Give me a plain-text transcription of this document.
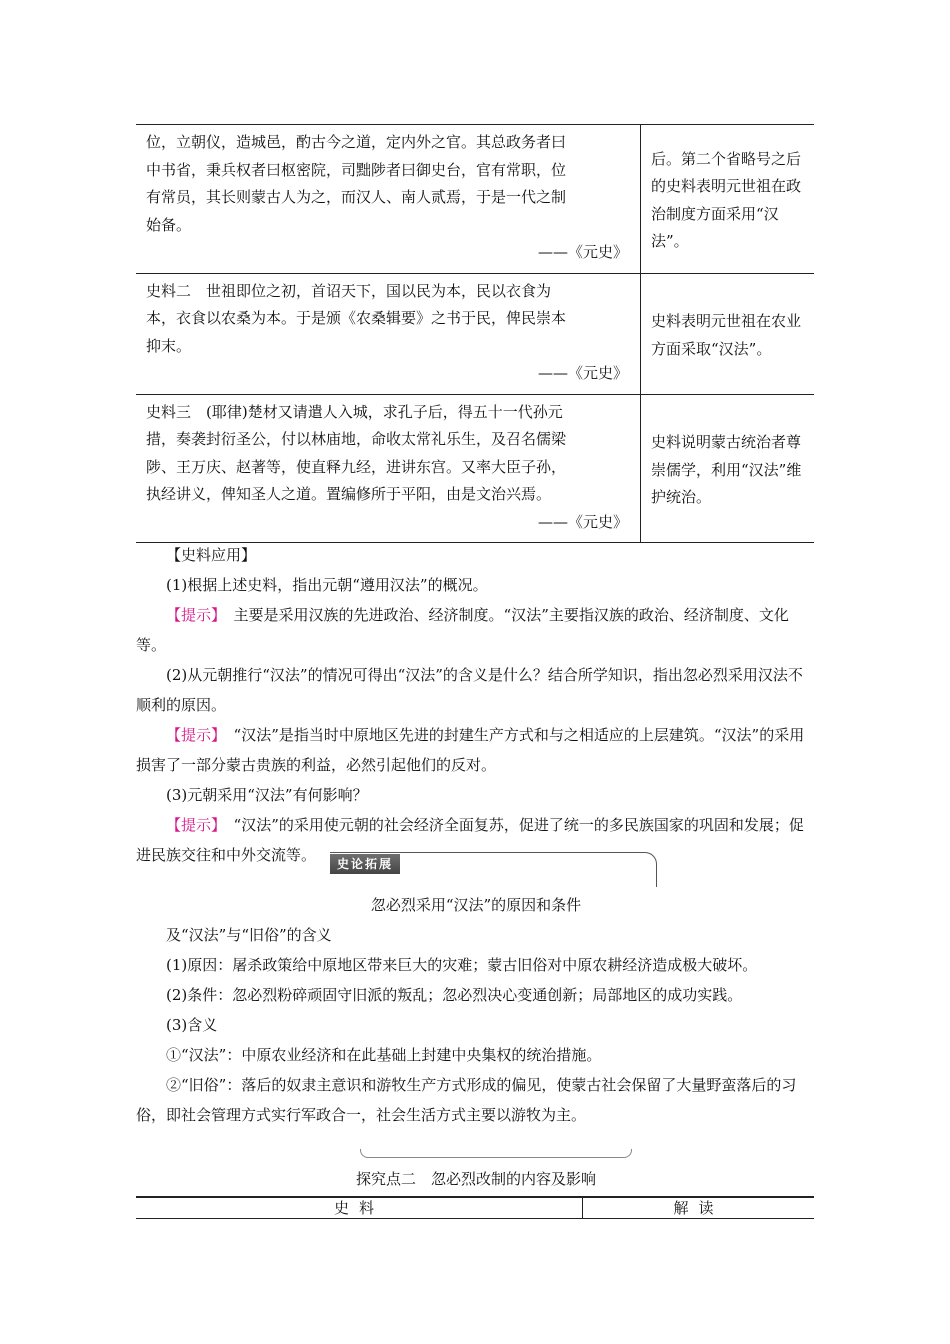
位，立朝仪，造城邑，酌古今之道，定内外之官。其总政务者曰
中书省，秉兵权者曰枢密院，司黜陟者曰御史台，官有常职，位
有常员，其长则蒙古人为之，而汉人、南人贰焉，于是一代之制
始备。
——《元史》	后。第二个省略号之后的史料表明元世祖在政治制度方面采用“汉法”。

史料二　世祖即位之初，首诏天下，国以民为本，民以衣食为
本，衣食以农桑为本。于是颁《农桑辑要》之书于民，俾民崇本
抑末。
——《元史》	史料表明元世祖在农业方面采取“汉法”。

史料三　(耶律)楚材又请遣人入城，求孔子后，得五十一代孙元
措，奏袭封衍圣公，付以林庙地，命收太常礼乐生，及召名儒梁
陟、王万庆、赵著等，使直释九经，进讲东宫。又率大臣子孙，
执经讲义，俾知圣人之道。置编修所于平阳，由是文治兴焉。
——《元史》	史料说明蒙古统治者尊崇儒学，利用“汉法”维护统治。

【史料应用】

(1)根据上述史料，指出元朝“遵用汉法”的概况。

【提示】　 主要是采用汉族的先进政治、经济制度。“汉法”主要指汉族的政治、经济制度、文化等。

(2)从元朝推行“汉法”的情况可得出“汉法”的含义是什么？结合所学知识，指出忽必烈采用汉法不顺利的原因。

【提示】　 “汉法”是指当时中原地区先进的封建生产方式和与之相适应的上层建筑。“汉法”的采用损害了一部分蒙古贵族的利益，必然引起他们的反对。

(3)元朝采用“汉法”有何影响？

【提示】　 “汉法”的采用使元朝的社会经济全面复苏，促进了统一的多民族国家的巩固和发展；促进民族交往和中外交流等。	史论拓展

忽必烈采用“汉法”的原因和条件

及“汉法”与“旧俗”的含义

(1)原因：屠杀政策给中原地区带来巨大的灾难；蒙古旧俗对中原农耕经济造成极大破坏。

(2)条件：忽必烈粉碎顽固守旧派的叛乱；忽必烈决心变通创新；局部地区的成功实践。

(3)含义

①“汉法”：中原农业经济和在此基础上封建中央集权的统治措施。

②“旧俗”：落后的奴隶主意识和游牧生产方式形成的偏见，使蒙古社会保留了大量野蛮落后的习俗，即社会管理方式实行军政合一，社会生活方式主要以游牧为主。

探究点二　忽必烈改制的内容及影响
史料	解读
